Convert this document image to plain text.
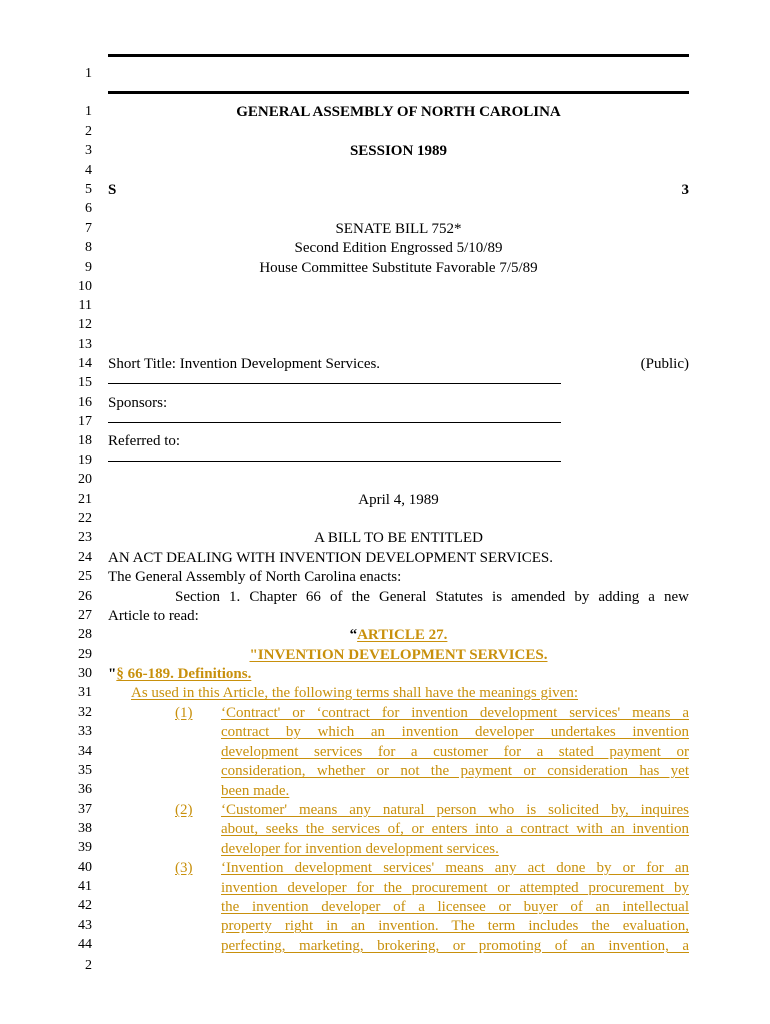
1
1
2
3
4
5
6
7
8
9
10
11
12
13
14
15
16
17
18
19
20
21
22
23
24
25
26
27
28
29
30
31
32
33
34
35
36
37
38
39
40
41
42
43
44
GENERAL ASSEMBLY OF NORTH CAROLINA
SESSION 1989
S	3
SENATE BILL 752*
Second Edition Engrossed 5/10/89
House Committee Substitute Favorable 7/5/89
Short Title: Invention Development Services.	(Public)
Sponsors:
Referred to:
April 4, 1989
A BILL TO BE ENTITLED
AN ACT DEALING WITH INVENTION DEVELOPMENT SERVICES.
The General Assembly of North Carolina enacts:
Section 1. Chapter 66 of the General Statutes is amended by adding a new
Article to read:
“ARTICLE 27.
"INVENTION DEVELOPMENT SERVICES.
"§ 66-189. Definitions.
As used in this Article, the following terms shall have the meanings given:
(1) ‘Contract' or ‘contract for invention development services' means a
contract by which an invention developer undertakes invention
development services for a customer for a stated payment or
consideration, whether or not the payment or consideration has yet
been made.
(2) ‘Customer' means any natural person who is solicited by, inquires
about, seeks the services of, or enters into a contract with an invention
developer for invention development services.
(3) ‘Invention development services' means any act done by or for an
invention developer for the procurement or attempted procurement by
the invention developer of a licensee or buyer of an intellectual
property right in an invention. The term includes the evaluation,
perfecting, marketing, brokering, or promoting of an invention, a
2
